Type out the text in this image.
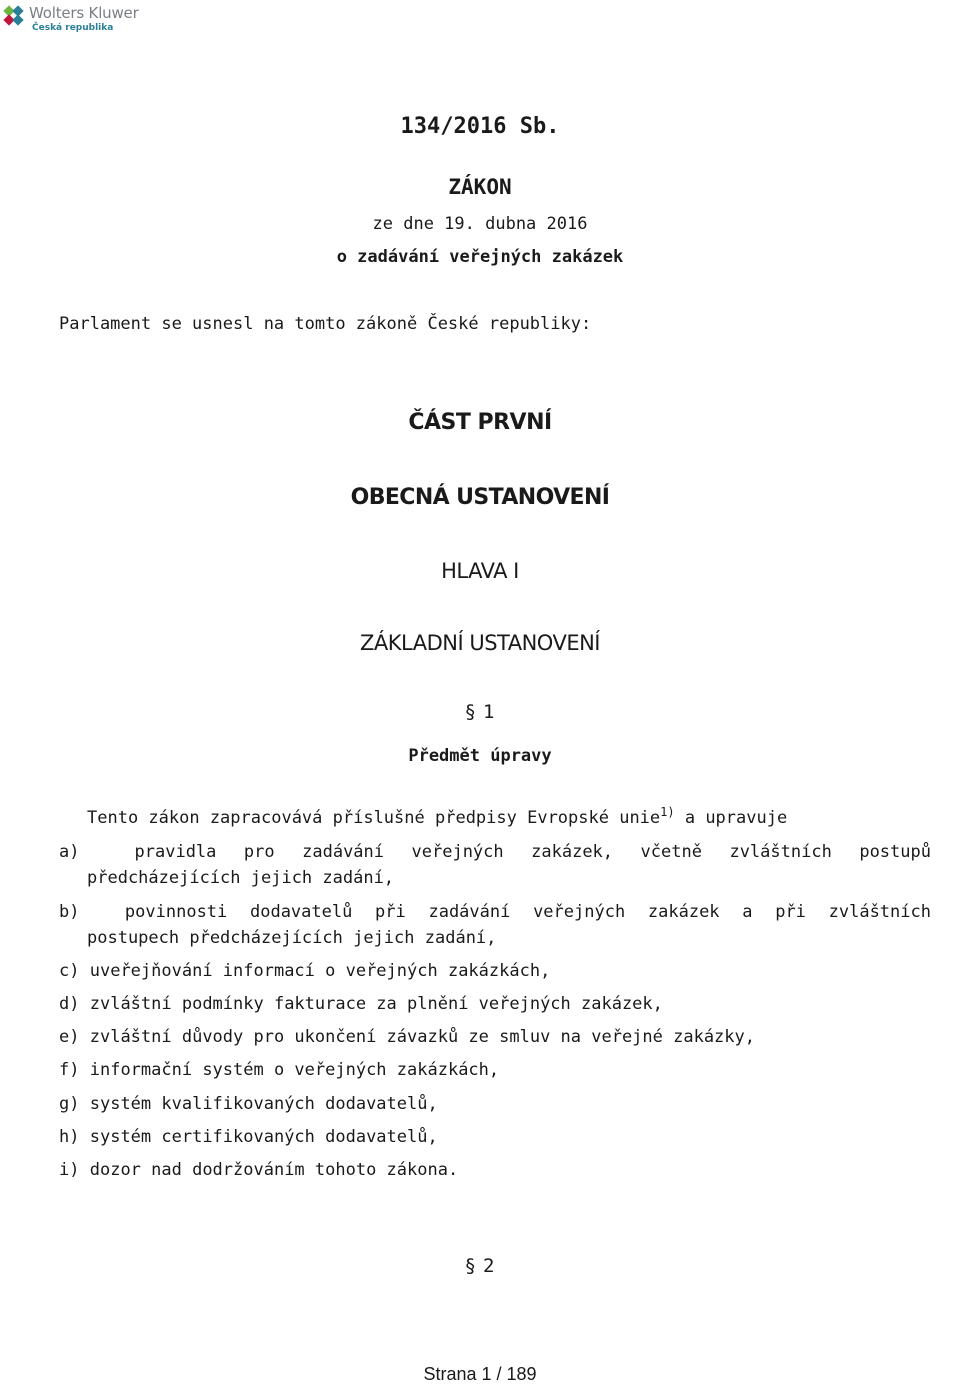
Wolters Kluwer
Česká republika
134/2016 Sb.
ZÁKON
ze dne 19. dubna 2016
o zadávání veřejných zakázek
Parlament se usnesl na tomto zákoně České republiky:
ČÁST PRVNÍ
OBECNÁ USTANOVENÍ
HLAVA I
ZÁKLADNÍ USTANOVENÍ
§ 1
Předmět úpravy
Tento zákon zapracovává příslušné předpisy Evropské unie$^{1)}$ a upravuje
a)	pravidla pro zadávání veřejných zakázek, včetně zvláštních postupů
předcházejících jejich zadání,
b)	povinnosti dodavatelů při zadávání veřejných zakázek a při zvláštních
postupech předcházejících jejich zadání,
c) uveřejňování informací o veřejných zakázkách,
d) zvláštní podmínky fakturace za plnění veřejných zakázek,
e) zvláštní důvody pro ukončení závazků ze smluv na veřejné zakázky,
f) informační systém o veřejných zakázkách,
g) systém kvalifikovaných dodavatelů,
h) systém certifikovaných dodavatelů,
i) dozor nad dodržováním tohoto zákona.
§ 2
Strana 1 / 189
